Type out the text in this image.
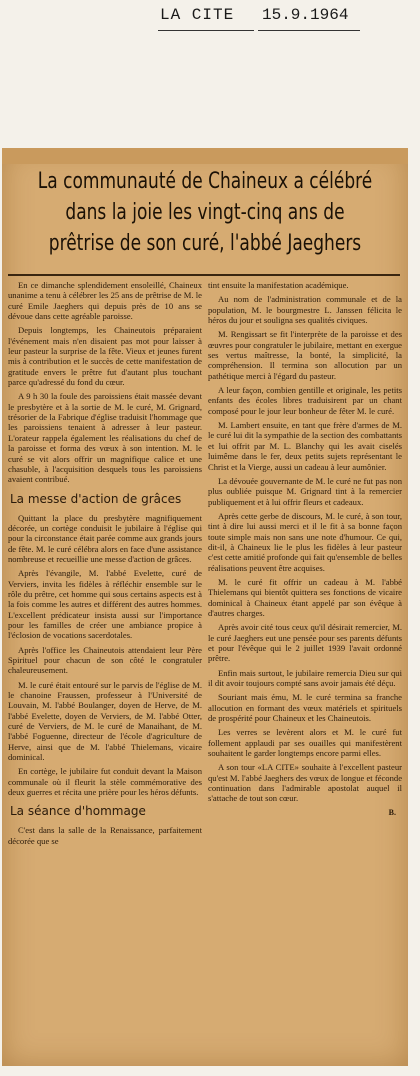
LA CITE 15.9.1964
La communauté de Chaineux a célébré dans la joie les vingt-cinq ans de prêtrise de son curé, l'abbé Jaeghers

En ce dimanche splendidement ensoleillé, Chaineux unanime a tenu à célébrer les 25 ans de prêtrise de M. le curé Emile Jaeghers qui depuis près de 10 ans se dévoue dans cette agréable paroisse.

Depuis longtemps, les Chaineutois préparaient l'événement mais n'en disaient pas mot pour laisser à leur pasteur la surprise de la fête. Vieux et jeunes furent mis à contribution et le succès de cette manifestation de gratitude envers le prêtre fut d'autant plus touchant parce qu'adressé du fond du cœur.

A 9 h 30 la foule des paroissiens était massée devant le presbytère et à la sortie de M. le curé, M. Grignard, trésorier de la Fabrique d'église traduisit l'hommage que les paroissiens tenaient à adresser à leur pasteur. L'orateur rappela également les réalisations du chef de la paroisse et forma des vœux à son intention. M. le curé se vit alors offrir un magnifique calice et une chasuble, à l'acquisition desquels tous les paroissiens avaient contribué.

La messe d'action de grâces

Quittant la place du presbytère magnifiquement décorée, un cortège conduisit le jubilaire à l'église qui pour la circonstance était parée comme aux grands jours de fête. M. le curé célébra alors en face d'une assistance nombreuse et recueillie une messe d'action de grâces.

Après l'évangile, M. l'abbé Evelette, curé de Verviers, invita les fidèles à réfléchir ensemble sur le rôle du prêtre, cet homme qui sous certains aspects est à la fois comme les autres et différent des autres hommes. L'excellent prédicateur insista aussi sur l'importance pour les familles de créer une ambiance propice à l'éclosion de vocations sacerdotales.

Après l'office les Chaineutois attendaient leur Père Spirituel pour chacun de son côté le congratuler chaleureusement.

M. le curé était entouré sur le parvis de l'église de M. le chanoine Fraussen, professeur à l'Université de Louvain, M. l'abbé Boulanger, doyen de Herve, de M. l'abbé Evelette, doyen de Verviers, de M. l'abbé Otter, curé de Verviers, de M. le curé de Manaihant, de M. l'abbé Foguenne, directeur de l'école d'agriculture de Herve, ainsi que de M. l'abbé Thielemans, vicaire dominical.

En cortège, le jubilaire fut conduit devant la Maison communale où il fleurit la stèle commémorative des deux guerres et récita une prière pour les héros défunts.

La séance d'hommage

C'est dans la salle de la Renaissance, parfaitement décorée que se

tint ensuite la manifestation académique.

Au nom de l'administration communale et de la population, M. le bourgmestre L. Janssen félicita le héros du jour et souligna ses qualités civiques.

M. Rengissart se fit l'interprète de la paroisse et des œuvres pour congratuler le jubilaire, mettant en exergue ses vertus maîtresse, la bonté, la simplicité, la compréhension. Il termina son allocution par un pathétique merci à l'égard du pasteur.

A leur façon, combien gentille et originale, les petits enfants des écoles libres traduisirent par un chant composé pour le jour leur bonheur de fêter M. le curé.

M. Lambert ensuite, en tant que frère d'armes de M. le curé lui dit la sympathie de la section des combattants et lui offrit par M. L. Blanchy qui les avait ciselés luimême dans le fer, deux petits sujets représentant le Christ et la Vierge, aussi un cadeau à leur aumônier.

La dévouée gouvernante de M. le curé ne fut pas non plus oubliée puisque M. Grignard tint à la remercier publiquement et à lui offrir fleurs et cadeaux.

Après cette gerbe de discours, M. le curé, à son tour, tint à dire lui aussi merci et il le fit à sa bonne façon toute simple mais non sans une note d'humour. Ce qui, dit-il, à Chaineux lie le plus les fidèles à leur pasteur c'est cette amitié profonde qui fait qu'ensemble de belles réalisations peuvent être acquises.

M. le curé fit offrir un cadeau à M. l'abbé Thielemans qui bientôt quittera ses fonctions de vicaire dominical à Chaineux étant appelé par son évêque à d'autres charges.

Après avoir cité tous ceux qu'il désirait remercier, M. le curé Jaeghers eut une pensée pour ses parents défunts et pour l'évêque qui le 2 juillet 1939 l'avait ordonné prêtre.

Enfin mais surtout, le jubilaire remercia Dieu sur qui il dit avoir toujours compté sans avoir jamais été déçu.

Souriant mais ému, M. le curé termina sa franche allocution en formant des vœux matériels et spirituels de prospérité pour Chaineux et les Chaineutois.

Les verres se levèrent alors et M. le curé fut follement applaudi par ses ouailles qui manifestèrent souhaitent le garder longtemps encore parmi elles.

A son tour «LA CITE» souhaite à l'excellent pasteur qu'est M. l'abbé Jaeghers des vœux de longue et féconde continuation dans l'admirable apostolat auquel il s'attache de tout son cœur.

B.
